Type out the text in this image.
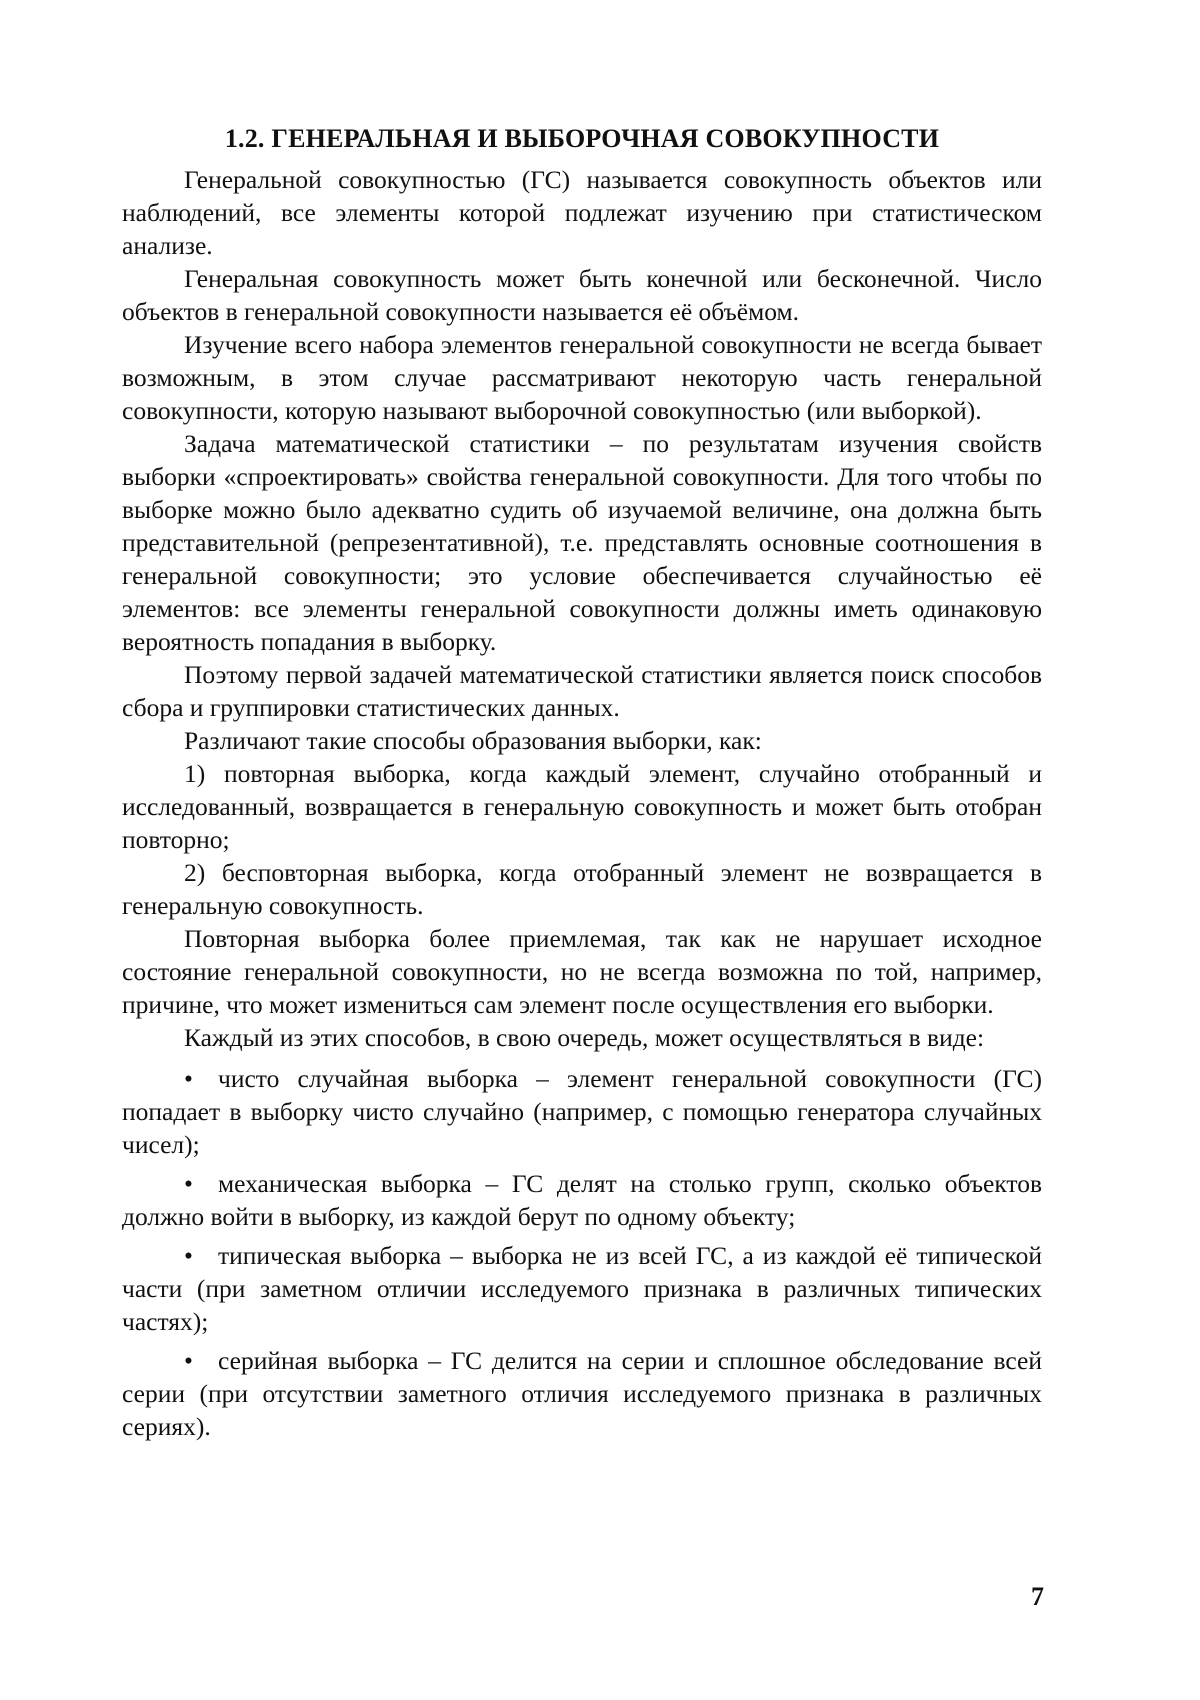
1.2. ГЕНЕРАЛЬНАЯ И ВЫБОРОЧНАЯ СОВОКУПНОСТИ
Генеральной совокупностью (ГС) называется совокупность объектов или наблюдений, все элементы которой подлежат изучению при статистическом анализе.
Генеральная совокупность может быть конечной или бесконечной. Число объектов в генеральной совокупности называется её объёмом.
Изучение всего набора элементов генеральной совокупности не всегда бывает возможным, в этом случае рассматривают некоторую часть генеральной совокупности, которую называют выборочной совокупностью (или выборкой).
Задача математической статистики – по результатам изучения свойств выборки «спроектировать» свойства генеральной совокупности. Для того чтобы по выборке можно было адекватно судить об изучаемой величине, она должна быть представительной (репрезентативной), т.е. представлять основные соотношения в генеральной совокупности; это условие обеспечивается случайностью её элементов: все элементы генеральной совокупности должны иметь одинаковую вероятность попадания в выборку.
Поэтому первой задачей математической статистики является поиск способов сбора и группировки статистических данных.
Различают такие способы образования выборки, как:
1) повторная выборка, когда каждый элемент, случайно отобранный и исследованный, возвращается в генеральную совокупность и может быть отобран повторно;
2) бесповторная выборка, когда отобранный элемент не возвращается в генеральную совокупность.
Повторная выборка более приемлемая, так как не нарушает исходное состояние генеральной совокупности, но не всегда возможна по той, например, причине, что может измениться сам элемент после осуществления его выборки.
Каждый из этих способов, в свою очередь, может осуществляться в виде:
• чисто случайная выборка – элемент генеральной совокупности (ГС) попадает в выборку чисто случайно (например, с помощью генератора случайных чисел);
• механическая выборка – ГС делят на столько групп, сколько объектов должно войти в выборку, из каждой берут по одному объекту;
• типическая выборка – выборка не из всей ГС, а из каждой её типической части (при заметном отличии исследуемого признака в различных типических частях);
• серийная выборка – ГС делится на серии и сплошное обследование всей серии (при отсутствии заметного отличия исследуемого признака в различных сериях).
7
